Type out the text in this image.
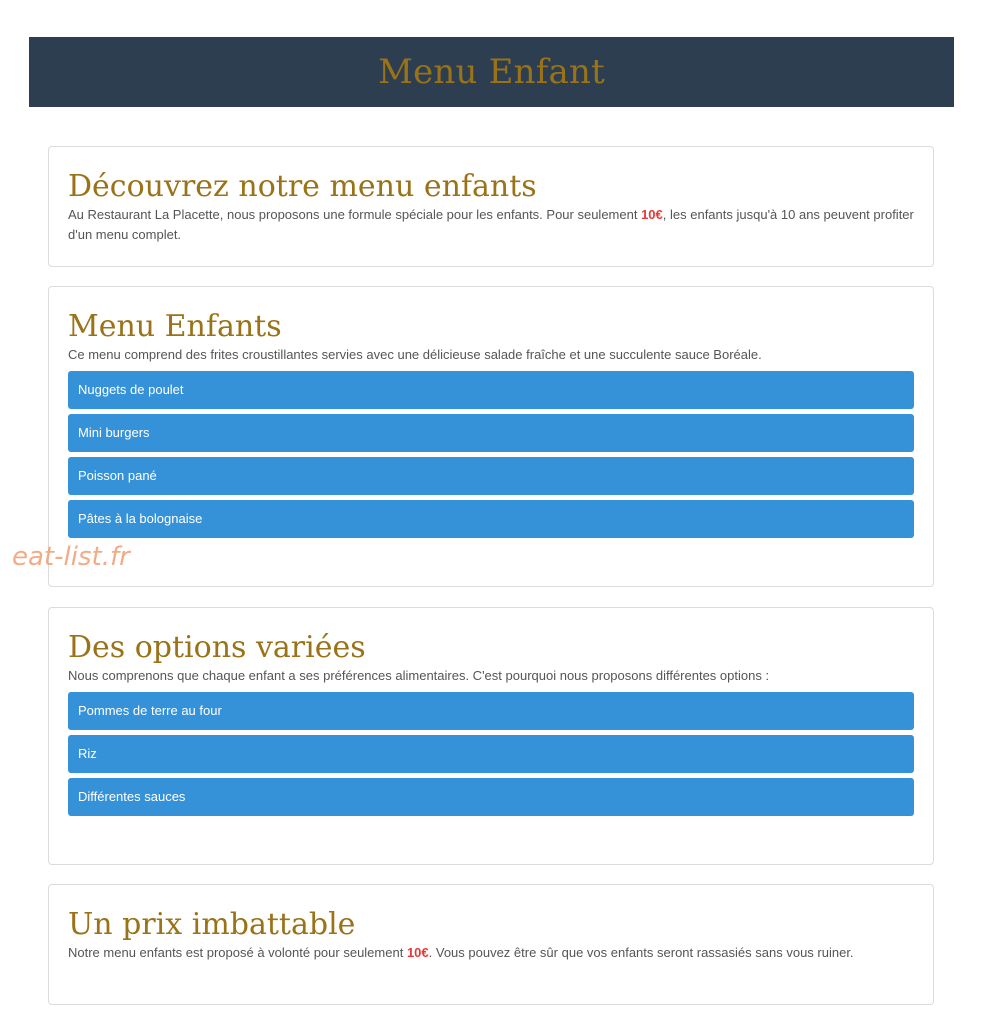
Menu Enfant
Découvrez notre menu enfants

Au Restaurant La Placette, nous proposons une formule spéciale pour les enfants. Pour seulement 10€, les enfants jusqu'à 10 ans peuvent profiter d'un menu complet.

Menu Enfants

Ce menu comprend des frites croustillantes servies avec une délicieuse salade fraîche et une succulente sauce Boréale.

Nuggets de poulet
Mini burgers
Poisson pané
Pâtes à la bolognaise
Des options variées

Nous comprenons que chaque enfant a ses préférences alimentaires. C'est pourquoi nous proposons différentes options :

Pommes de terre au four
Riz
Différentes sauces
Un prix imbattable

Notre menu enfants est proposé à volonté pour seulement 10€. Vous pouvez être sûr que vos enfants seront rassasiés sans vous ruiner.

eat-list.fr
